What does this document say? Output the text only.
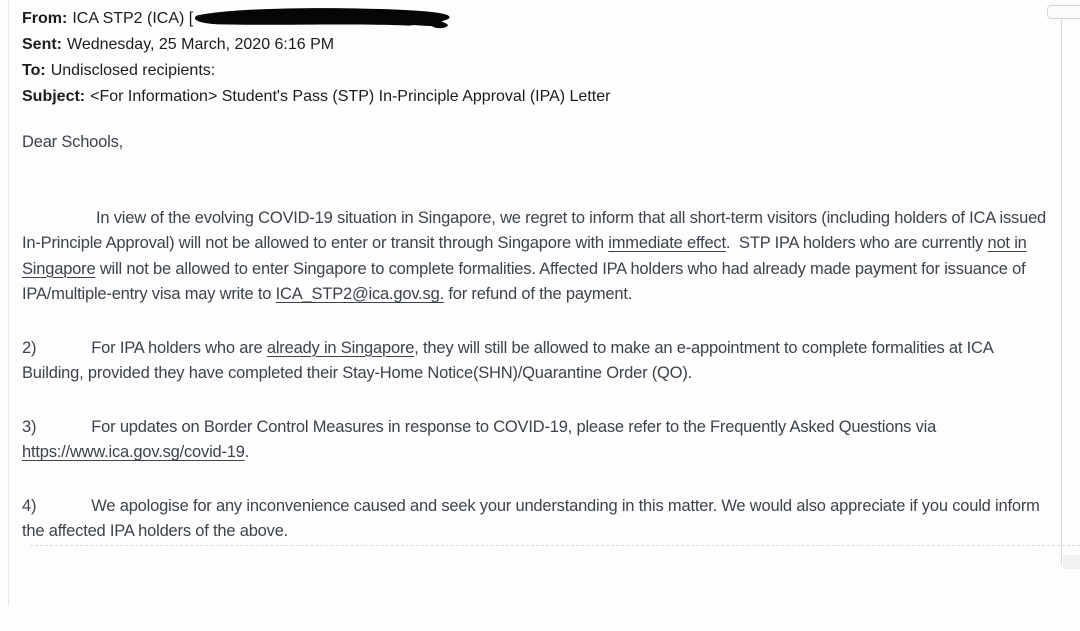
From: ICA STP2 (ICA) [
Sent: Wednesday, 25 March, 2020 6:16 PM
To: Undisclosed recipients:
Subject: <For Information> Student's Pass (STP) In-Principle Approval (IPA) Letter
Dear Schools,
In view of the evolving COVID-19 situation in Singapore, we regret to inform that all short-term visitors (including holders of ICA issued In-Principle Approval) will not be allowed to enter or transit through Singapore with immediate effect.  STP IPA holders who are currently not in Singapore will not be allowed to enter Singapore to complete formalities. Affected IPA holders who had already made payment for issuance of IPA/multiple-entry visa may write to ICA_STP2@ica.gov.sg. for refund of the payment.
2)	For IPA holders who are already in Singapore, they will still be allowed to make an e-appointment to complete formalities at ICA Building, provided they have completed their Stay-Home Notice(SHN)/Quarantine Order (QO).
3)	For updates on Border Control Measures in response to COVID-19, please refer to the Frequently Asked Questions via https://www.ica.gov.sg/covid-19.
4)	We apologise for any inconvenience caused and seek your understanding in this matter. We would also appreciate if you could inform the affected IPA holders of the above.
